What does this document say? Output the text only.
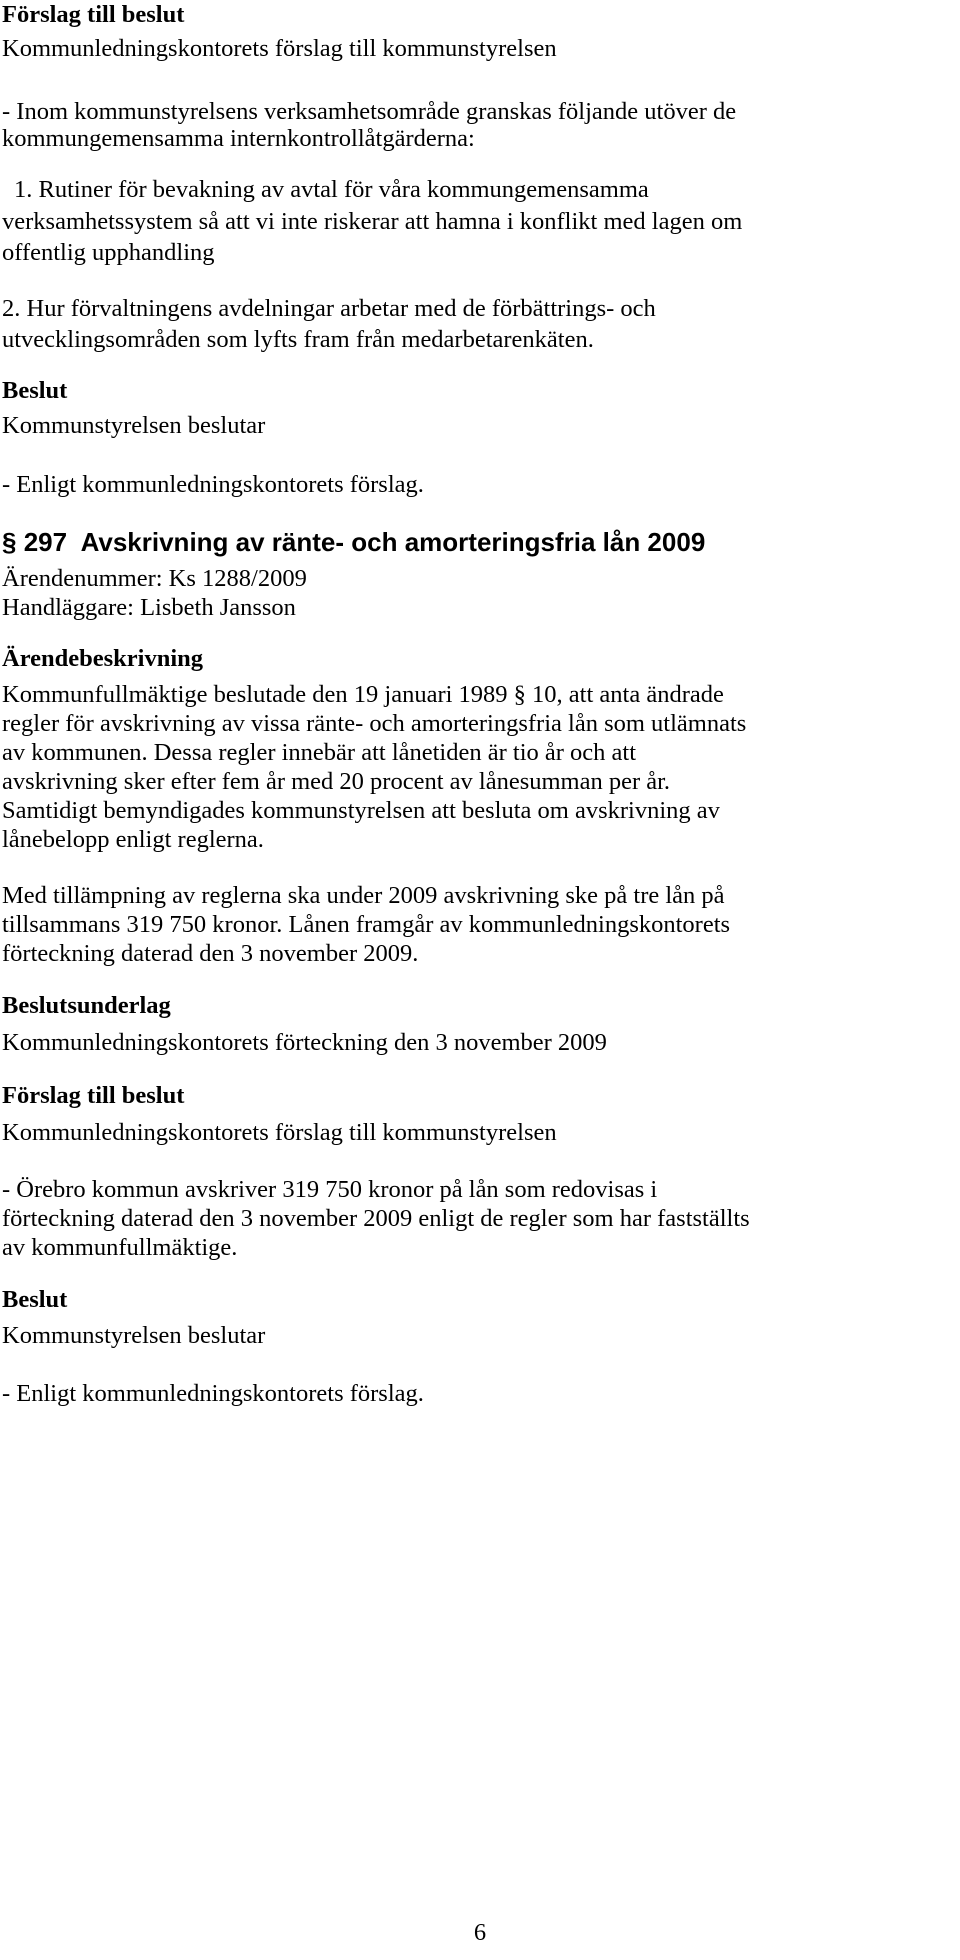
Förslag till beslut

Kommunledningskontorets förslag till kommunstyrelsen

- Inom kommunstyrelsens verksamhetsområde granskas följande utöver de

kommungemensamma internkontrollåtgärderna:

1. Rutiner för bevakning av avtal för våra kommungemensamma

verksamhetssystem så att vi inte riskerar att hamna i konflikt med lagen om

offentlig upphandling

2. Hur förvaltningens avdelningar arbetar med de förbättrings- och

utvecklingsområden som lyfts fram från medarbetarenkäten.

Beslut

Kommunstyrelsen beslutar

- Enligt kommunledningskontorets förslag.

§ 297  Avskrivning av ränte- och amorteringsfria lån 2009

Ärendenummer: Ks 1288/2009

Handläggare: Lisbeth Jansson

Ärendebeskrivning

Kommunfullmäktige beslutade den 19 januari 1989 § 10, att anta ändrade

regler för avskrivning av vissa ränte- och amorteringsfria lån som utlämnats

av kommunen. Dessa regler innebär att lånetiden är tio år och att

avskrivning sker efter fem år med 20 procent av lånesumman per år.

Samtidigt bemyndigades kommunstyrelsen att besluta om avskrivning av

lånebelopp enligt reglerna.

Med tillämpning av reglerna ska under 2009 avskrivning ske på tre lån på

tillsammans 319 750 kronor. Lånen framgår av kommunledningskontorets

förteckning daterad den 3 november 2009.

Beslutsunderlag

Kommunledningskontorets förteckning den 3 november 2009

Förslag till beslut

Kommunledningskontorets förslag till kommunstyrelsen

- Örebro kommun avskriver 319 750 kronor på lån som redovisas i

förteckning daterad den 3 november 2009 enligt de regler som har fastställts

av kommunfullmäktige.

Beslut

Kommunstyrelsen beslutar

- Enligt kommunledningskontorets förslag.

6
